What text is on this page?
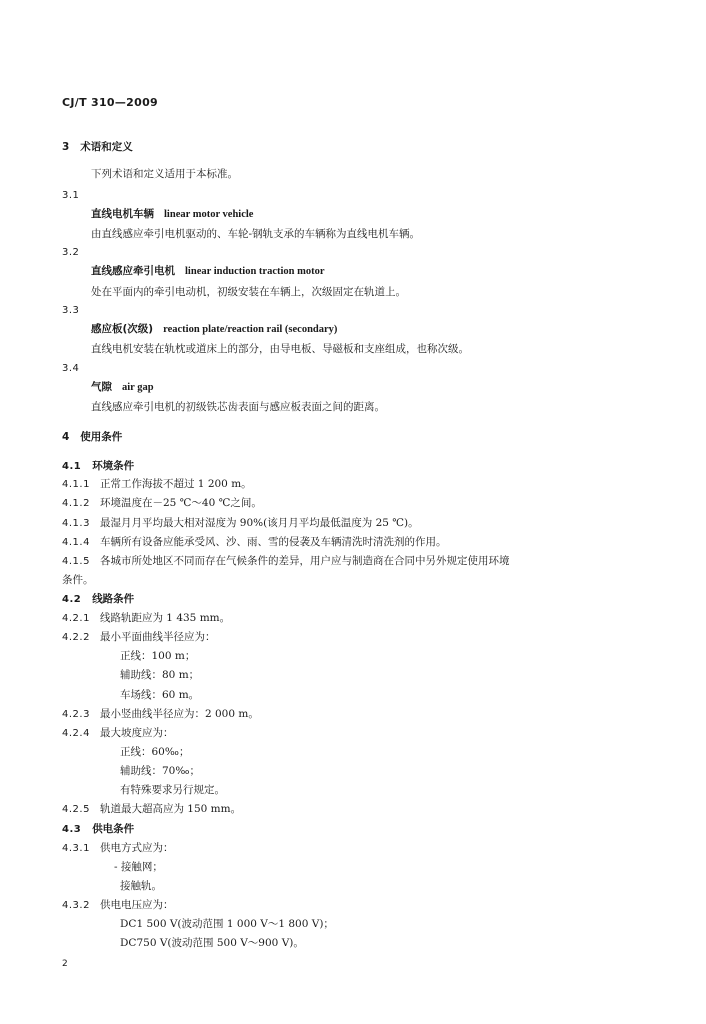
CJ/T 310—2009
3 术语和定义
下列术语和定义适用于本标准。
3.1
直线电机车辆 linear motor vehicle
由直线感应牵引电机驱动的、车轮-钢轨支承的车辆称为直线电机车辆。
3.2
直线感应牵引电机 linear induction traction motor
处在平面内的牵引电动机，初级安装在车辆上，次级固定在轨道上。
3.3
感应板(次级) reaction plate/reaction rail (secondary)
直线电机安装在轨枕或道床上的部分，由导电板、导磁板和支座组成，也称次级。
3.4
气隙 air gap
直线感应牵引电机的初级铁芯齿表面与感应板表面之间的距离。
4 使用条件
4.1 环境条件
4.1.1 正常工作海拔不超过 1 200 m。
4.1.2 环境温度在－25 ℃～40 ℃之间。
4.1.3 最湿月月平均最大相对湿度为 90%(该月月平均最低温度为 25 ℃)。
4.1.4 车辆所有设备应能承受风、沙、雨、雪的侵袭及车辆清洗时清洗剂的作用。
4.1.5 各城市所处地区不同而存在气候条件的差异，用户应与制造商在合同中另外规定使用环境
条件。
4.2 线路条件
4.2.1 线路轨距应为 1 435 mm。
4.2.2 最小平面曲线半径应为：
正线：100 m；
辅助线：80 m；
车场线：60 m。
4.2.3 最小竖曲线半径应为：2 000 m。
4.2.4 最大坡度应为：
正线：60‰；
辅助线：70‰；
有特殊要求另行规定。
4.2.5 轨道最大超高应为 150 mm。
4.3 供电条件
4.3.1 供电方式应为：
- 接触网；
接触轨。
4.3.2 供电电压应为：
DC1 500 V(波动范围 1 000 V～1 800 V)；
DC750 V(波动范围 500 V～900 V)。
2
